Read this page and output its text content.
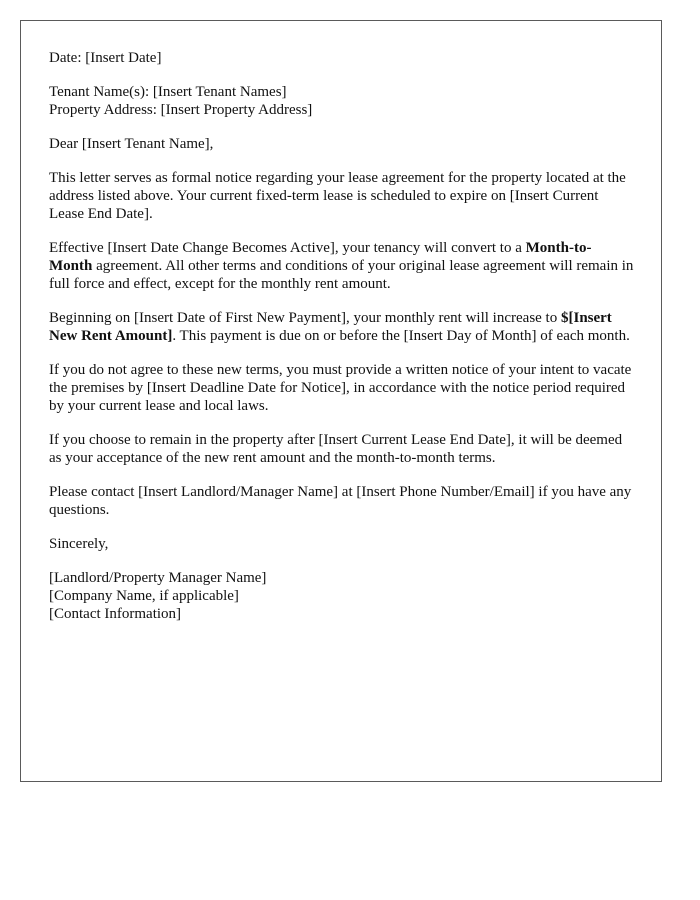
Date: [Insert Date]

Tenant Name(s): [Insert Tenant Names]

Property Address: [Insert Property Address]

Dear [Insert Tenant Name],

This letter serves as formal notice regarding your lease agreement for the property located at the address listed above. Your current fixed-term lease is scheduled to expire on [Insert Current Lease End Date].

Effective [Insert Date Change Becomes Active], your tenancy will convert to a Month-to-Month agreement. All other terms and conditions of your original lease agreement will remain in full force and effect, except for the monthly rent amount.

Beginning on [Insert Date of First New Payment], your monthly rent will increase to $[Insert New Rent Amount]. This payment is due on or before the [Insert Day of Month] of each month.

If you do not agree to these new terms, you must provide a written notice of your intent to vacate the premises by [Insert Deadline Date for Notice], in accordance with the notice period required by your current lease and local laws.

If you choose to remain in the property after [Insert Current Lease End Date], it will be deemed as your acceptance of the new rent amount and the month-to-month terms.

Please contact [Insert Landlord/Manager Name] at [Insert Phone Number/Email] if you have any questions.

Sincerely,

[Landlord/Property Manager Name]

[Company Name, if applicable]

[Contact Information]
